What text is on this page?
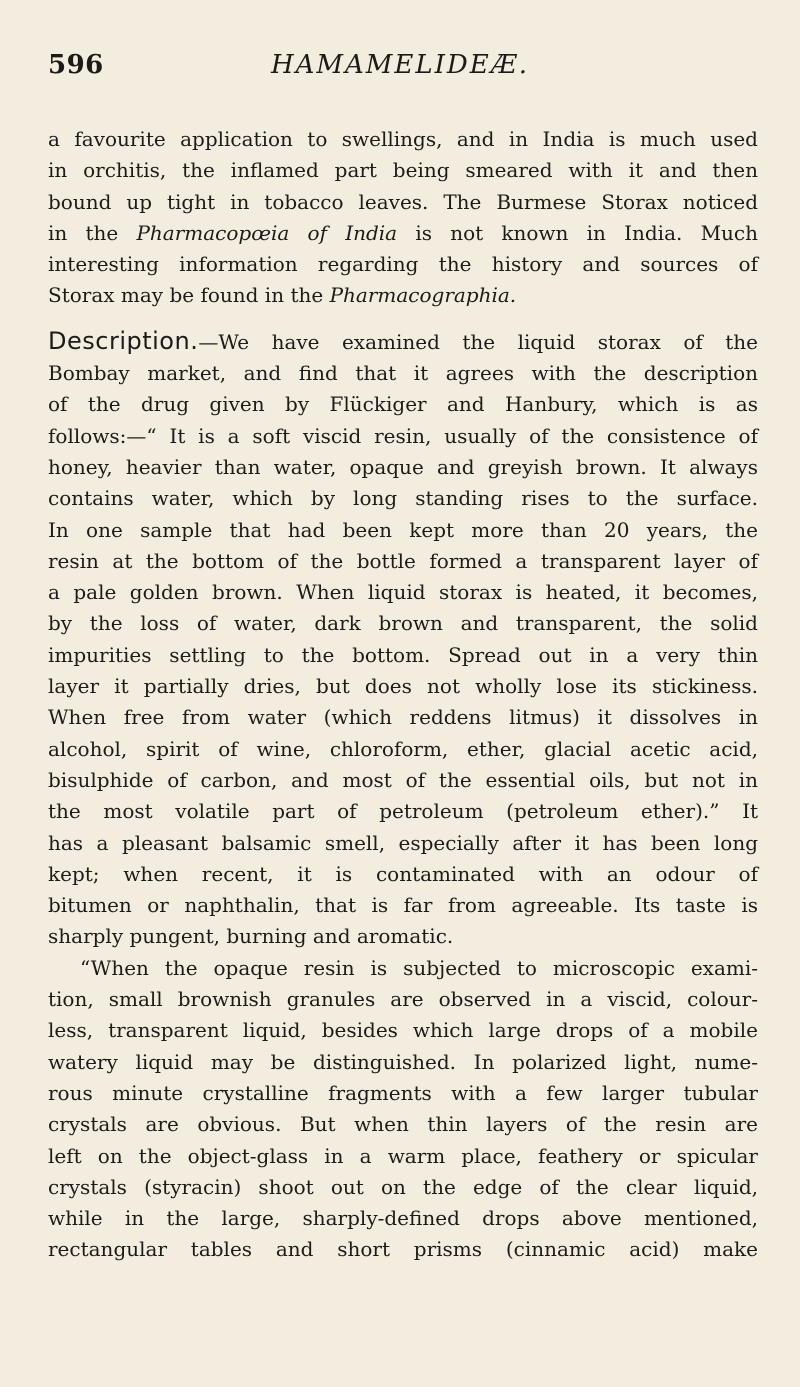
596	HAMAMELIDEÆ.
a favourite application to swellings, and in India is much used
in orchitis, the inflamed part being smeared with it and then
bound up tight in tobacco leaves. The Burmese Storax noticed
in the Pharmacopœia of India is not known in India. Much
interesting information regarding the history and sources of
Storax may be found in the Pharmacographia.
Description.—We have examined the liquid storax of the
Bombay market, and find that it agrees with the description
of the drug given by Flückiger and Hanbury, which is as
follows:—“ It is a soft viscid resin, usually of the consistence of
honey, heavier than water, opaque and greyish brown. It always
contains water, which by long standing rises to the surface.
In one sample that had been kept more than 20 years, the
resin at the bottom of the bottle formed a transparent layer of
a pale golden brown. When liquid storax is heated, it becomes,
by the loss of water, dark brown and transparent, the solid
impurities settling to the bottom. Spread out in a very thin
layer it partially dries, but does not wholly lose its stickiness.
When free from water (which reddens litmus) it dissolves in
alcohol, spirit of wine, chloroform, ether, glacial acetic acid,
bisulphide of carbon, and most of the essential oils, but not in
the most volatile part of petroleum (petroleum ether).” It
has a pleasant balsamic smell, especially after it has been long
kept; when recent, it is contaminated with an odour of
bitumen or naphthalin, that is far from agreeable. Its taste is
sharply pungent, burning and aromatic.
“When the opaque resin is subjected to microscopic exami-
tion, small brownish granules are observed in a viscid, colour-
less, transparent liquid, besides which large drops of a mobile
watery liquid may be distinguished. In polarized light, nume-
rous minute crystalline fragments with a few larger tubular
crystals are obvious. But when thin layers of the resin are
left on the object-glass in a warm place, feathery or spicular
crystals (styracin) shoot out on the edge of the clear liquid,
while in the large, sharply-defined drops above mentioned,
rectangular tables and short prisms (cinnamic acid) make
